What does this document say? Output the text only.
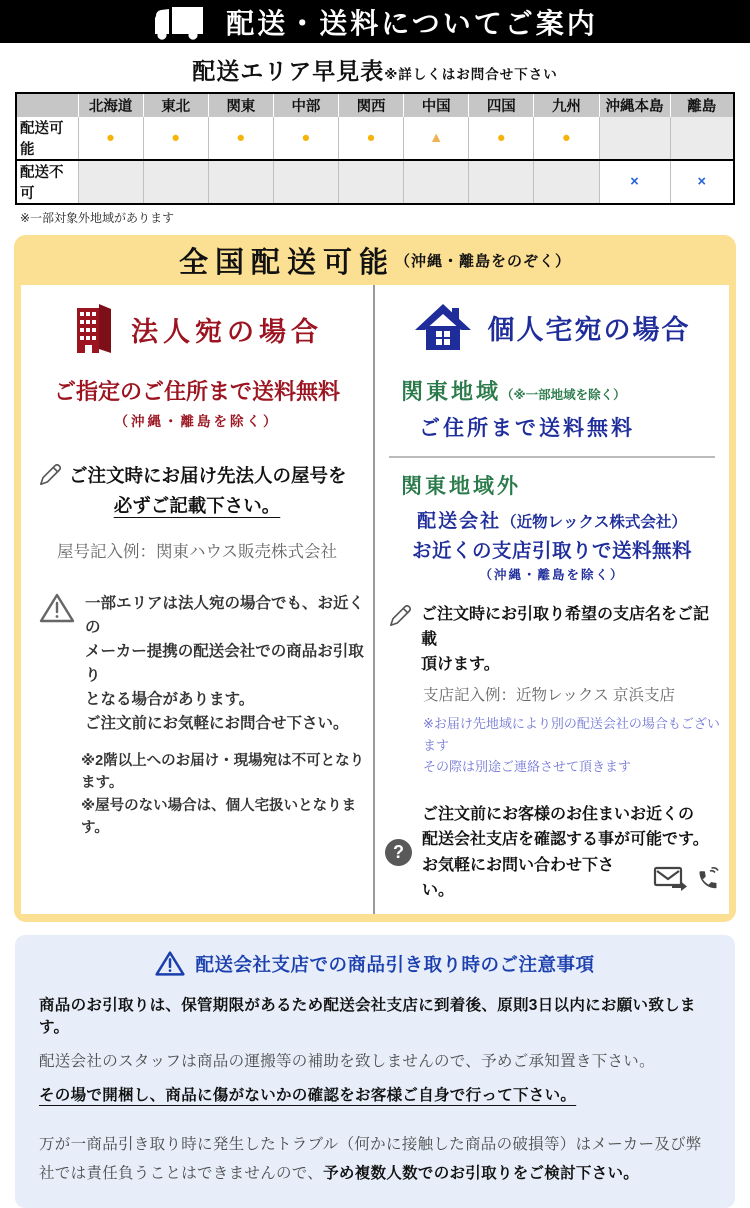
配送・送料についてご案内
配送エリア早見表※詳しくはお問合せ下さい
	北海道	東北	関東	中部	関西	中国	四国	九州	沖縄本島	離島
配送可能	●	●	●	●	●	▲	●	●		
配送不可									×	×
※一部対象外地域があります
全国配送可能 （沖縄・離島をのぞく）
法人宛の場合
ご指定のご住所まで送料無料
（沖縄・離島を除く）
ご注文時にお届け先法人の屋号を
必ずご記載下さい。
屋号記入例：関東ハウス販売株式会社
一部エリアは法人宛の場合でも、お近くの
メーカー提携の配送会社での商品お引取り
となる場合があります。
ご注文前にお気軽にお問合せ下さい。
※2階以上へのお届け・現場宛は不可となります。
※屋号のない場合は、個人宅扱いとなります。
個人宅宛の場合
関東地域（※一部地域を除く）
ご住所まで送料無料
関東地域外
配送会社（近物レックス株式会社）
お近くの支店引取りで送料無料
（沖縄・離島を除く）
ご注文時にお引取り希望の支店名をご記載
頂けます。
支店記入例：近物レックス 京浜支店
※お届け先地域により別の配送会社の場合もございます
その際は別途ご連絡させて頂きます
?
ご注文前にお客様のお住まいお近くの
配送会社支店を確認する事が可能です。
お気軽にお問い合わせ下さい。
配送会社支店での商品引き取り時のご注意事項
商品のお引取りは、保管期限があるため配送会社支店に到着後、原則3日以内にお願い致します。
配送会社のスタッフは商品の運搬等の補助を致しませんので、予めご承知置き下さい。
その場で開梱し、商品に傷がないかの確認をお客様ご自身で行って下さい。
万が一商品引き取り時に発生したトラブル（何かに接触した商品の破損等）はメーカー及び弊社では責任負うことはできませんので、予め複数人数でのお引取りをご検討下さい。
